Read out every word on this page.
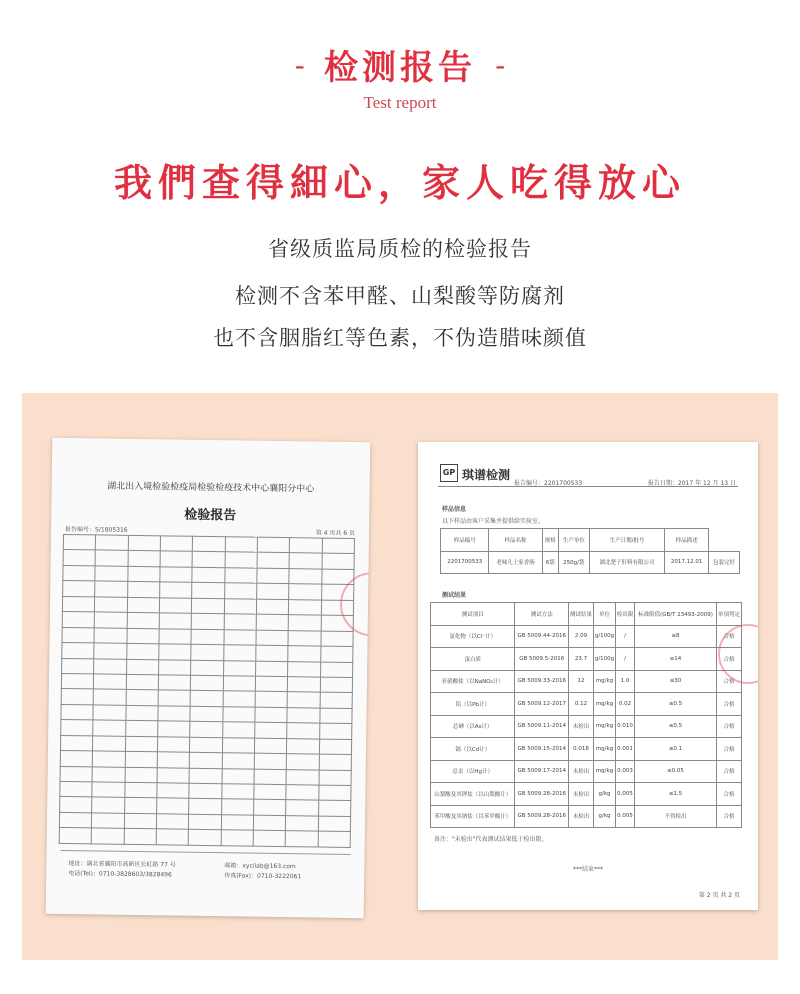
- 检测报告 -
Test report
我們查得細心，家人吃得放心
省级质监局质检的检验报告
检测不含苯甲醛、山梨酸等防腐剂
也不含胭脂红等色素，不伪造腊味颜值
湖北出入境检验检疫局检验检疫技术中心襄阳分中心
检验报告
报告编号：S/1805316	第 4 页共 6 页

地址：湖北省襄阳市高新区长虹路 77 号
电话(Tel)：0710-3828603/3828496
邮箱：xycilab@163.com
传真(Fax)：0710-3222061
GP 琪谱检测
报告编号：2201700533	报告日期：2017 年 12 月 13 日
样品信息
以下样品由客户采集并提供给实验室。
样品编号	样品名称	规格	生产单位	生产日期/批号	样品描述	
2201700533	老味儿土家香肠	6袋	250g/袋	湖北楚子肝料有限公司	2017.12.01	包装完好
测试结果
测试项目	测试方法	测试结果	单位	检出限	标准限值(GB/T 23493-2009)	单项判定
氯化物（以Cl⁻计）	GB 5009.44-2016	2.09	g/100g	/	≤8	合格
蛋白质	GB 5009.5-2016	23.7	g/100g	/	≥14	合格
亚硝酸盐（以NaNO₂计）	GB 5009.33-2016	12	mg/kg	1.0	≤30	合格
铅（以Pb计）	GB 5009.12-2017	0.12	mg/kg	0.02	≤0.5	合格
总砷（以As计）	GB 5009.11-2014	未检出	mg/kg	0.010	≤0.5	合格
镉（以Cd计）	GB 5009.15-2014	0.018	mg/kg	0.001	≤0.1	合格
总汞（以Hg计）	GB 5009.17-2014	未检出	mg/kg	0.003	≤0.05	合格
山梨酸及其钾盐（以山梨酸计）	GB 5009.28-2016	未检出	g/kg	0.005	≤1.5	合格
苯甲酸及其钠盐（以苯甲酸计）	GB 5009.28-2016	未检出	g/kg	0.005	不得检出	合格
备注："未检出"代表测试结果低于检出限。
***结束***
第 2 页 共 2 页
